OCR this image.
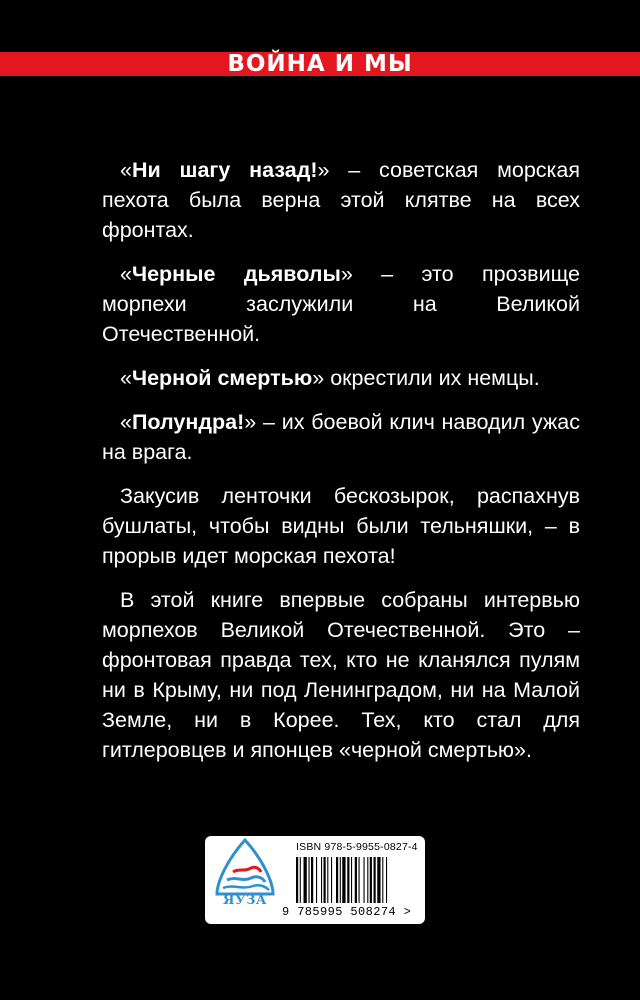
ВОЙНА И МЫ

«Ни шагу назад!» – советская морская пехота была верна этой клятве на всех фронтах.

«Черные дьяволы» – это прозвище морпехи заслужили на Великой Отечественной.

«Черной смертью» окрестили их немцы.

«Полундра!» – их боевой клич наводил ужас на врага.

Закусив ленточки бескозырок, распахнув бушлаты, чтобы видны были тельняшки, – в прорыв идет морская пехота!

В этой книге впервые собраны интервью морпехов Великой Отечественной. Это – фронтовая правда тех, кто не кланялся пулям ни в Крыму, ни под Ленинградом, ни на Малой Земле, ни в Корее. Тех, кто стал для гитлеровцев и японцев «черной смертью».

ЯУЗА
ISBN 978-5-9955-0827-4
9 785995 508274 >
